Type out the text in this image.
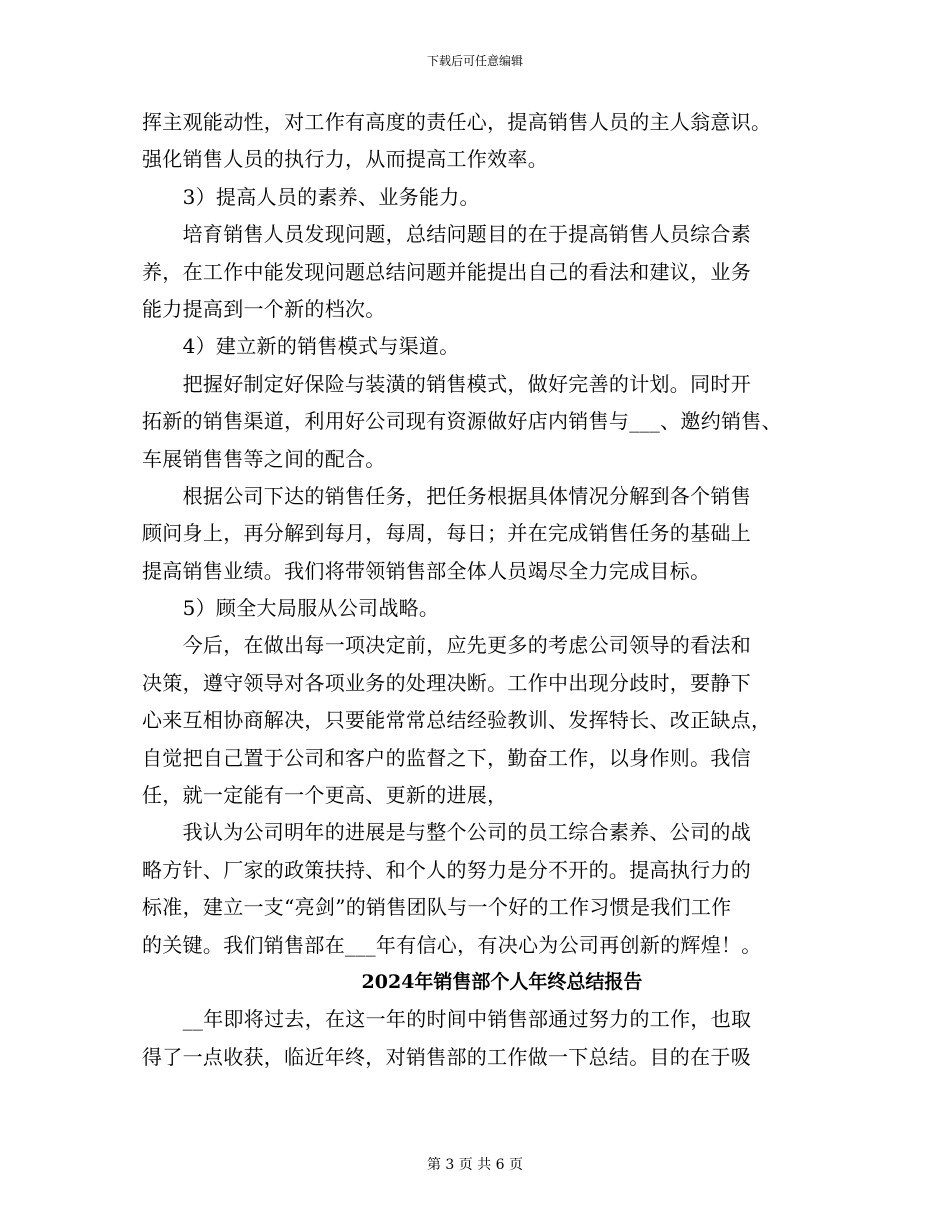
下载后可任意编辑
挥主观能动性，对工作有高度的责任心，提高销售人员的主人翁意识。
强化销售人员的执行力，从而提高工作效率。
　　3）提高人员的素养、业务能力。
　　培育销售人员发现问题，总结问题目的在于提高销售人员综合素
养，在工作中能发现问题总结问题并能提出自己的看法和建议，业务
能力提高到一个新的档次。
　　4）建立新的销售模式与渠道。
　　把握好制定好保险与装潢的销售模式，做好完善的计划。同时开
拓新的销售渠道，利用好公司现有资源做好店内销售与___、邀约销售、
车展销售售等之间的配合。
　　根据公司下达的销售任务，把任务根据具体情况分解到各个销售
顾问身上，再分解到每月，每周，每日；并在完成销售任务的基础上
提高销售业绩。我们将带领销售部全体人员竭尽全力完成目标。
　　5）顾全大局服从公司战略。
　　今后，在做出每一项决定前，应先更多的考虑公司领导的看法和
决策，遵守领导对各项业务的处理决断。工作中出现分歧时，要静下
心来互相协商解决，只要能常常总结经验教训、发挥特长、改正缺点，
自觉把自己置于公司和客户的监督之下，勤奋工作，以身作则。我信
任，就一定能有一个更高、更新的进展，
　　我认为公司明年的进展是与整个公司的员工综合素养、公司的战
略方针、厂家的政策扶持、和个人的努力是分不开的。提高执行力的
标准，建立一支“亮剑”的销售团队与一个好的工作习惯是我们工作
的关键。我们销售部在___年有信心，有决心为公司再创新的辉煌！。
2024年销售部个人年终总结报告
　　__年即将过去，在这一年的时间中销售部通过努力的工作，也取
得了一点收获，临近年终，对销售部的工作做一下总结。目的在于吸
第 3 页 共 6 页
